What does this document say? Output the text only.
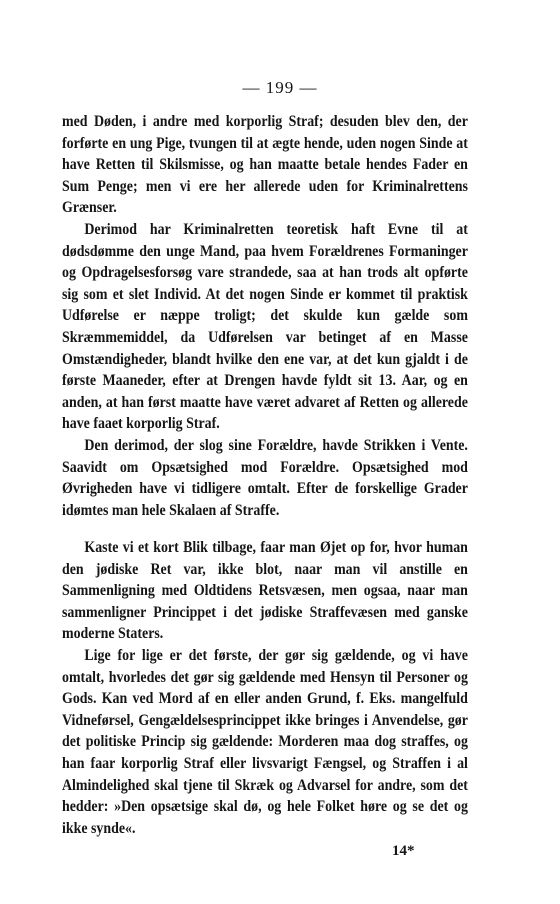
— 199 —

med Døden, i andre med korporlig Straf; desuden blev den, der forførte en ung Pige, tvungen til at ægte hende, uden nogen Sinde at have Retten til Skilsmisse, og han maatte betale hendes Fader en Sum Penge; men vi ere her allerede uden for Kriminalrettens Grænser.

Derimod har Kriminalretten teoretisk haft Evne til at dødsdømme den unge Mand, paa hvem Forældrenes Formaninger og Opdragelsesforsøg vare strandede, saa at han trods alt opførte sig som et slet Individ. At det nogen Sinde er kommet til praktisk Udførelse er næppe troligt; det skulde kun gælde som Skræmmemiddel, da Udførelsen var betinget af en Masse Omstændigheder, blandt hvilke den ene var, at det kun gjaldt i de første Maaneder, efter at Drengen havde fyldt sit 13. Aar, og en anden, at han først maatte have været advaret af Retten og allerede have faaet korporlig Straf.

Den derimod, der slog sine Forældre, havde Strikken i Vente. Saavidt om Opsætsighed mod Forældre. Opsætsighed mod Øvrigheden have vi tidligere omtalt. Efter de forskellige Grader idømtes man hele Skalaen af Straffe.

Kaste vi et kort Blik tilbage, faar man Øjet op for, hvor human den jødiske Ret var, ikke blot, naar man vil anstille en Sammenligning med Oldtidens Retsvæsen, men ogsaa, naar man sammenligner Princippet i det jødiske Straffevæsen med ganske moderne Staters.

Lige for lige er det første, der gør sig gældende, og vi have omtalt, hvorledes det gør sig gældende med Hensyn til Personer og Gods. Kan ved Mord af en eller anden Grund, f. Eks. mangelfuld Vidneførsel, Gengældelsesprincippet ikke bringes i Anvendelse, gør det politiske Princip sig gældende: Morderen maa dog straffes, og han faar korporlig Straf eller livsvarigt Fængsel, og Straffen i al Almindelighed skal tjene til Skræk og Advarsel for andre, som det hedder: »Den opsætsige skal dø, og hele Folket høre og se det og ikke synde«.

14*
